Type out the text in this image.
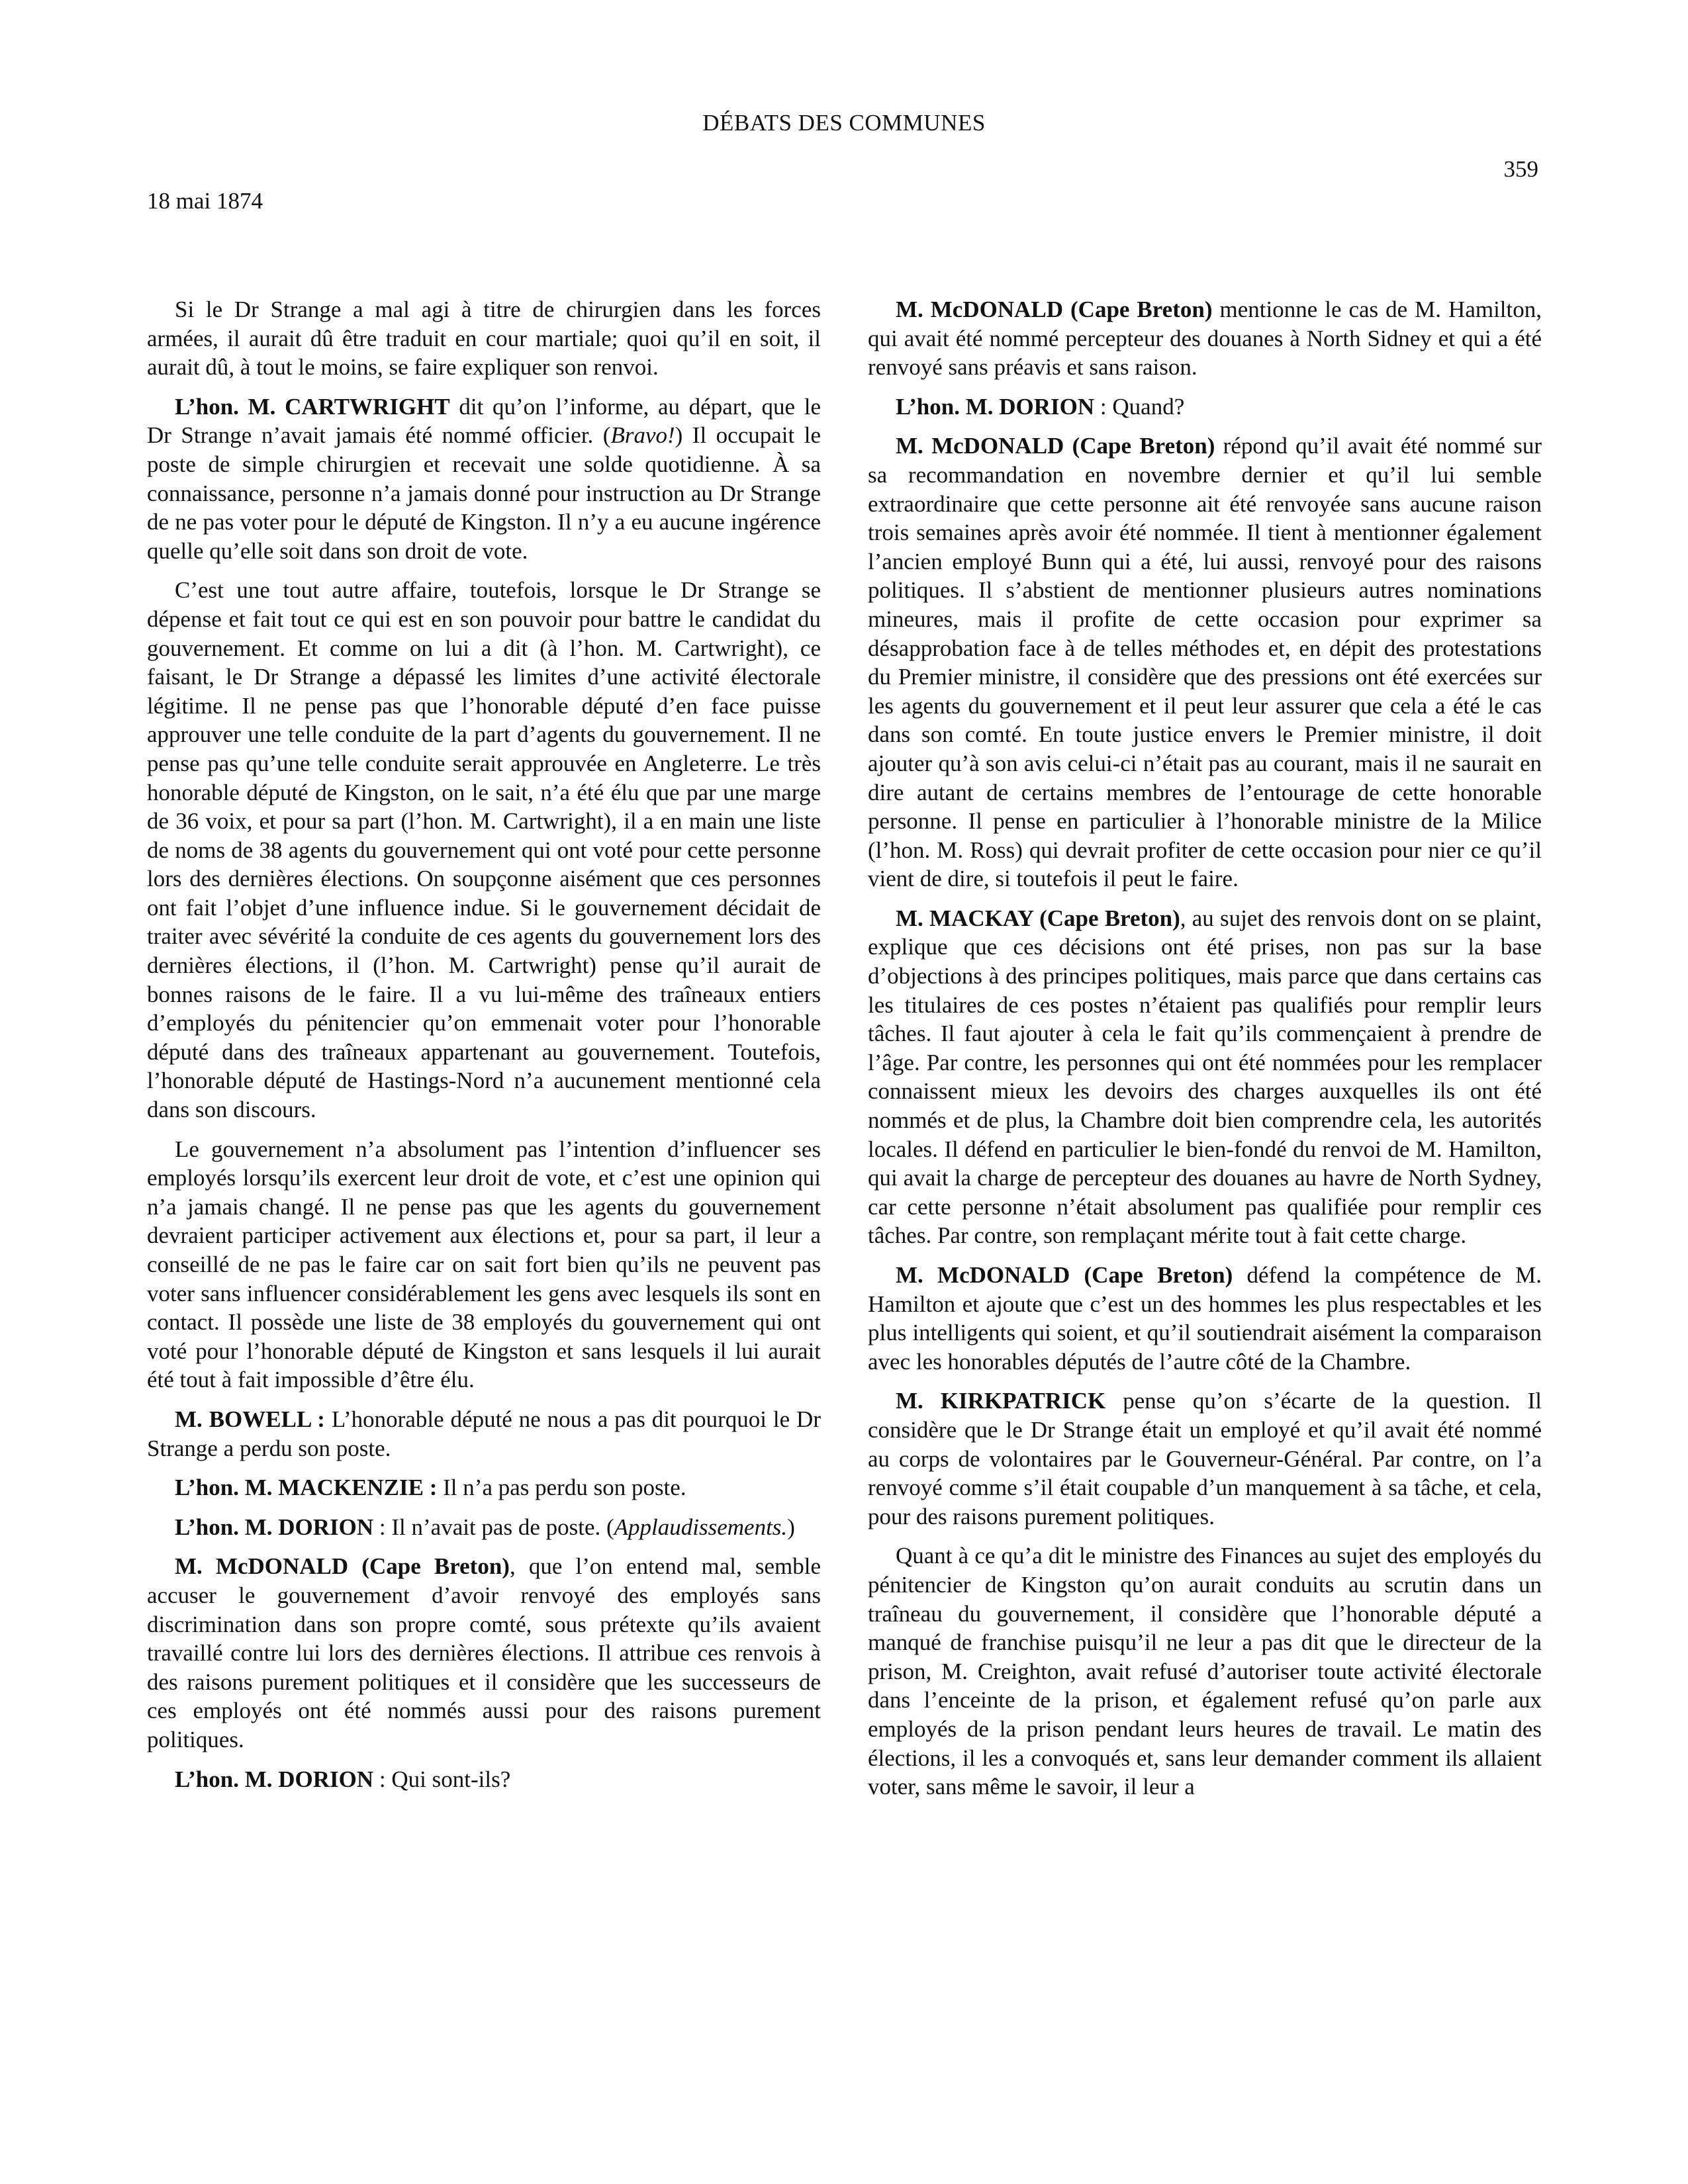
DÉBATS DES COMMUNES
359
18 mai 1874

Si le Dr Strange a mal agi à titre de chirurgien dans les forces armées, il aurait dû être traduit en cour martiale; quoi qu’il en soit, il aurait dû, à tout le moins, se faire expliquer son renvoi.

L’hon. M. CARTWRIGHT dit qu’on l’informe, au départ, que le Dr Strange n’avait jamais été nommé officier. (Bravo!) Il occupait le poste de simple chirurgien et recevait une solde quotidienne. À sa connaissance, personne n’a jamais donné pour instruction au Dr Strange de ne pas voter pour le député de Kingston. Il n’y a eu aucune ingérence quelle qu’elle soit dans son droit de vote.

C’est une tout autre affaire, toutefois, lorsque le Dr Strange se dépense et fait tout ce qui est en son pouvoir pour battre le candidat du gouvernement. Et comme on lui a dit (à l’hon. M. Cartwright), ce faisant, le Dr Strange a dépassé les limites d’une activité électorale légitime. Il ne pense pas que l’honorable député d’en face puisse approuver une telle conduite de la part d’agents du gouvernement. Il ne pense pas qu’une telle conduite serait approuvée en Angleterre. Le très honorable député de Kingston, on le sait, n’a été élu que par une marge de 36 voix, et pour sa part (l’hon. M. Cartwright), il a en main une liste de noms de 38 agents du gouvernement qui ont voté pour cette personne lors des dernières élections. On soupçonne aisément que ces personnes ont fait l’objet d’une influence indue. Si le gouvernement décidait de traiter avec sévérité la conduite de ces agents du gouvernement lors des dernières élections, il (l’hon. M. Cartwright) pense qu’il aurait de bonnes raisons de le faire. Il a vu lui-même des traîneaux entiers d’employés du pénitencier qu’on emmenait voter pour l’honorable député dans des traîneaux appartenant au gouvernement. Toutefois, l’honorable député de Hastings-Nord n’a aucunement mentionné cela dans son discours.

Le gouvernement n’a absolument pas l’intention d’influencer ses employés lorsqu’ils exercent leur droit de vote, et c’est une opinion qui n’a jamais changé. Il ne pense pas que les agents du gouvernement devraient participer activement aux élections et, pour sa part, il leur a conseillé de ne pas le faire car on sait fort bien qu’ils ne peuvent pas voter sans influencer considérablement les gens avec lesquels ils sont en contact. Il possède une liste de 38 employés du gouvernement qui ont voté pour l’honorable député de Kingston et sans lesquels il lui aurait été tout à fait impossible d’être élu.

M. BOWELL : L’honorable député ne nous a pas dit pourquoi le Dr Strange a perdu son poste.

L’hon. M. MACKENZIE : Il n’a pas perdu son poste.

L’hon. M. DORION : Il n’avait pas de poste. (Applaudissements.)

M. McDONALD (Cape Breton), que l’on entend mal, semble accuser le gouvernement d’avoir renvoyé des employés sans discrimination dans son propre comté, sous prétexte qu’ils avaient travaillé contre lui lors des dernières élections. Il attribue ces renvois à des raisons purement politiques et il considère que les successeurs de ces employés ont été nommés aussi pour des raisons purement politiques.

L’hon. M. DORION : Qui sont-ils?

M. McDONALD (Cape Breton) mentionne le cas de M. Hamilton, qui avait été nommé percepteur des douanes à North Sidney et qui a été renvoyé sans préavis et sans raison.

L’hon. M. DORION : Quand?

M. McDONALD (Cape Breton) répond qu’il avait été nommé sur sa recommandation en novembre dernier et qu’il lui semble extraordinaire que cette personne ait été renvoyée sans aucune raison trois semaines après avoir été nommée. Il tient à mentionner également l’ancien employé Bunn qui a été, lui aussi, renvoyé pour des raisons politiques. Il s’abstient de mentionner plusieurs autres nominations mineures, mais il profite de cette occasion pour exprimer sa désapprobation face à de telles méthodes et, en dépit des protestations du Premier ministre, il considère que des pressions ont été exercées sur les agents du gouvernement et il peut leur assurer que cela a été le cas dans son comté. En toute justice envers le Premier ministre, il doit ajouter qu’à son avis celui-ci n’était pas au courant, mais il ne saurait en dire autant de certains membres de l’entourage de cette honorable personne. Il pense en particulier à l’honorable ministre de la Milice (l’hon. M. Ross) qui devrait profiter de cette occasion pour nier ce qu’il vient de dire, si toutefois il peut le faire.

M. MACKAY (Cape Breton), au sujet des renvois dont on se plaint, explique que ces décisions ont été prises, non pas sur la base d’objections à des principes politiques, mais parce que dans certains cas les titulaires de ces postes n’étaient pas qualifiés pour remplir leurs tâches. Il faut ajouter à cela le fait qu’ils commençaient à prendre de l’âge. Par contre, les personnes qui ont été nommées pour les remplacer connaissent mieux les devoirs des charges auxquelles ils ont été nommés et de plus, la Chambre doit bien comprendre cela, les autorités locales. Il défend en particulier le bien-fondé du renvoi de M. Hamilton, qui avait la charge de percepteur des douanes au havre de North Sydney, car cette personne n’était absolument pas qualifiée pour remplir ces tâches. Par contre, son remplaçant mérite tout à fait cette charge.

M. McDONALD (Cape Breton) défend la compétence de M. Hamilton et ajoute que c’est un des hommes les plus respectables et les plus intelligents qui soient, et qu’il soutiendrait aisément la comparaison avec les honorables députés de l’autre côté de la Chambre.

M. KIRKPATRICK pense qu’on s’écarte de la question. Il considère que le Dr Strange était un employé et qu’il avait été nommé au corps de volontaires par le Gouverneur-Général. Par contre, on l’a renvoyé comme s’il était coupable d’un manquement à sa tâche, et cela, pour des raisons purement politiques.

Quant à ce qu’a dit le ministre des Finances au sujet des employés du pénitencier de Kingston qu’on aurait conduits au scrutin dans un traîneau du gouvernement, il considère que l’honorable député a manqué de franchise puisqu’il ne leur a pas dit que le directeur de la prison, M. Creighton, avait refusé d’autoriser toute activité électorale dans l’enceinte de la prison, et également refusé qu’on parle aux employés de la prison pendant leurs heures de travail. Le matin des élections, il les a convoqués et, sans leur demander comment ils allaient voter, sans même le savoir, il leur a
